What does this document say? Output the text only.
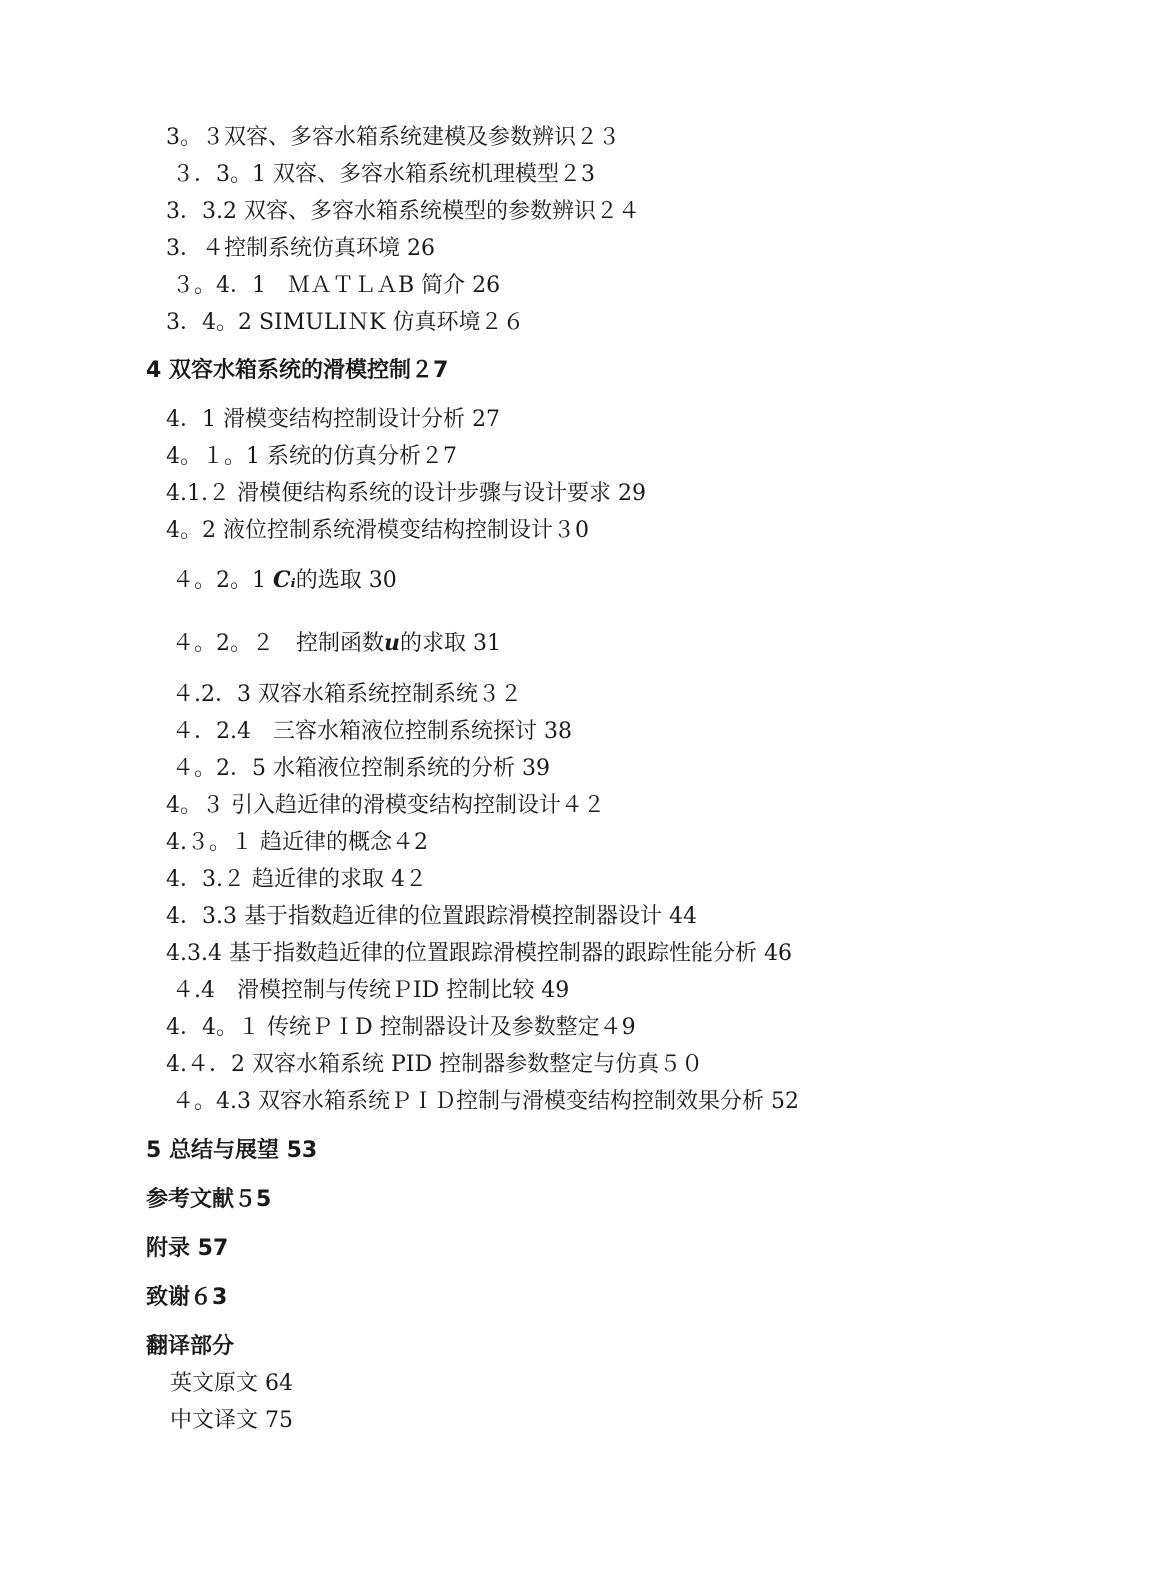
3。３双容、多容水箱系统建模及参数辨识２３
３．3。1 双容、多容水箱系统机理模型２3
3．3.2 双容、多容水箱系统模型的参数辨识２４
3．４控制系统仿真环境 26
３。4．1　ＭＡＴＬＡB 简介 26
3．4。2 SIMULIＮK 仿真环境２６
4 双容水箱系统的滑模控制２7
4．1 滑模变结构控制设计分析 27
4。１。1 系统的仿真分析２7
4.1.２ 滑模便结构系统的设计步骤与设计要求 29
4。2 液位控制系统滑模变结构控制设计３0
４。2。1 Cᵢ的选取 30
４。2。２　控制函数u的求取 31
４.2．3 双容水箱系统控制系统３２
４．2.4　三容水箱液位控制系统探讨 38
４。2．5 水箱液位控制系统的分析 39
4。３ 引入趋近律的滑模变结构控制设计４２
4.３。１ 趋近律的概念４2
4．3.２ 趋近律的求取 4２
4．3.3 基于指数趋近律的位置跟踪滑模控制器设计 44
4.3.4 基于指数趋近律的位置跟踪滑模控制器的跟踪性能分析 46
４.4　滑模控制与传统ＰID 控制比较 49
4．4。１ 传统ＰＩD 控制器设计及参数整定４9
4.４．2 双容水箱系统 PID 控制器参数整定与仿真５０
４。4.3 双容水箱系统ＰＩＤ控制与滑模变结构控制效果分析 52
5 总结与展望 53
参考文献５5
附录 57
致谢６3
翻译部分
英文原文 64
中文译文 75
